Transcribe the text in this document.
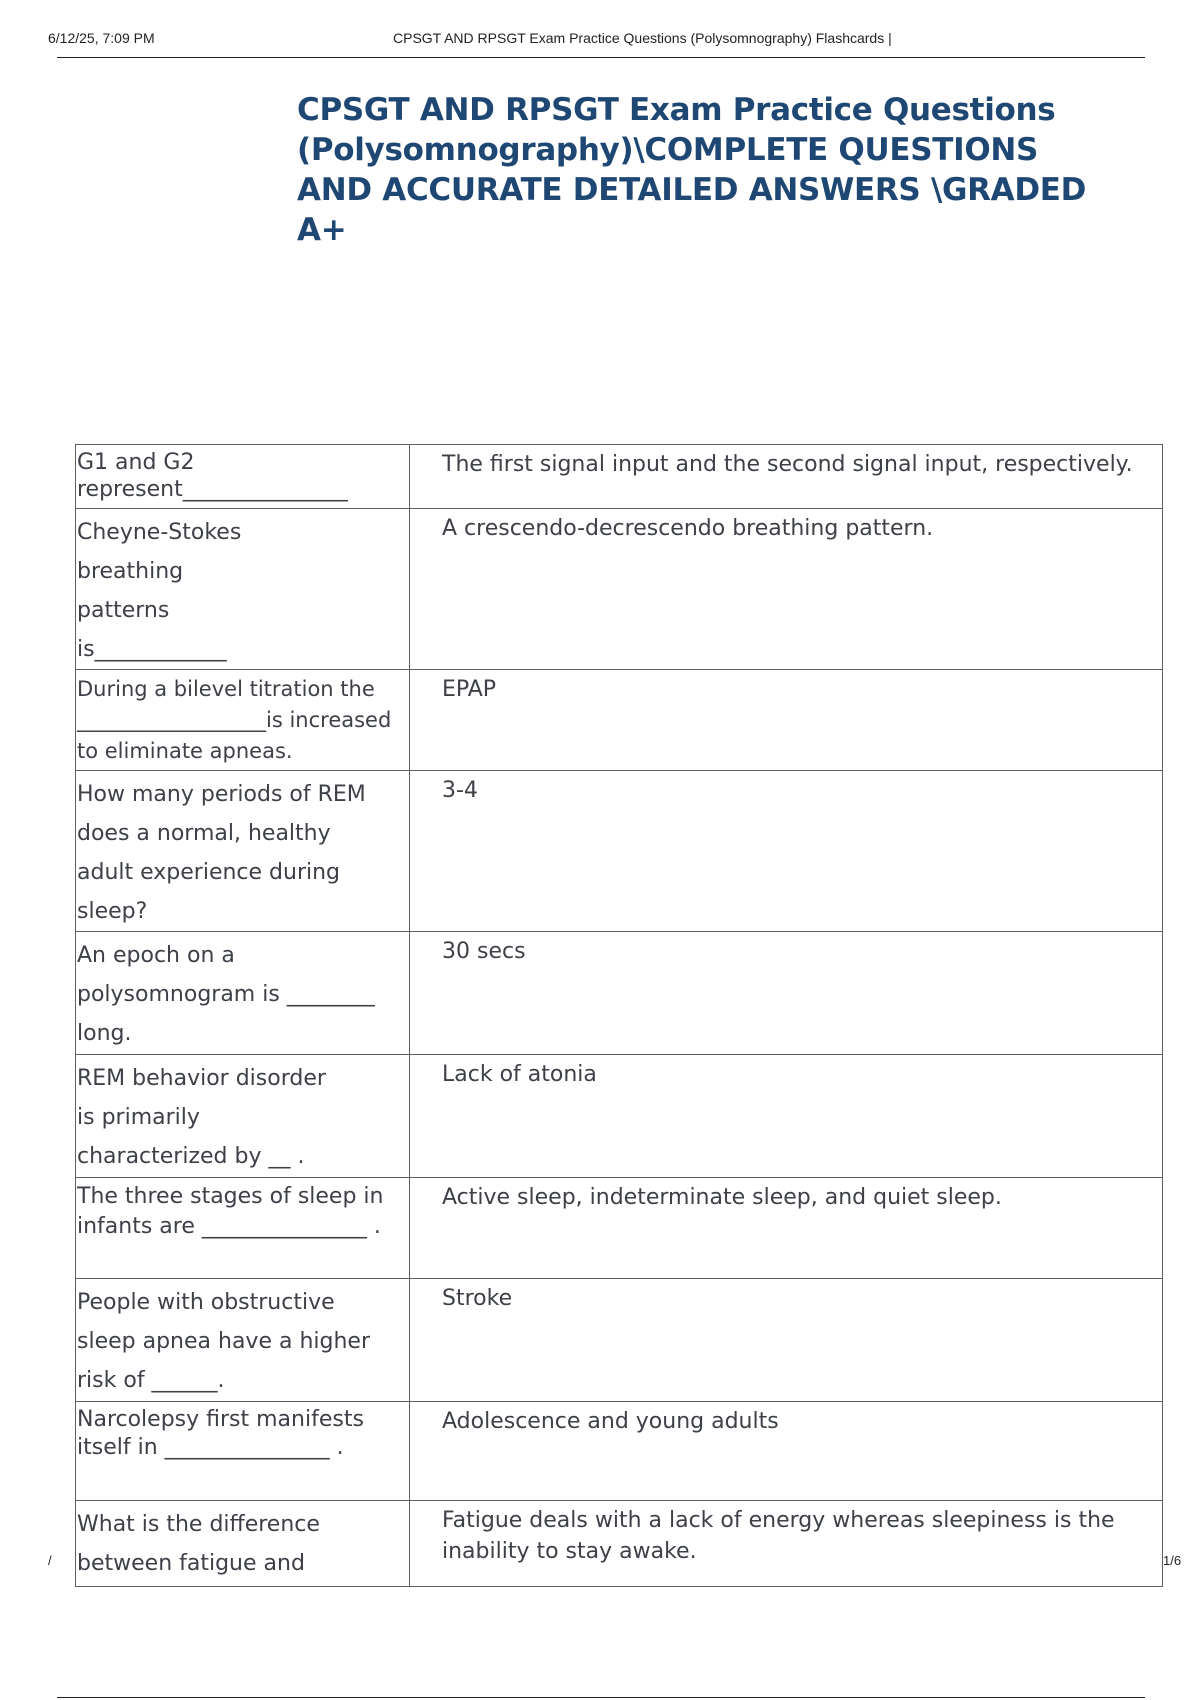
6/12/25, 7:09 PM	CPSGT AND RPSGT Exam Practice Questions (Polysomnography) Flashcards |
CPSGT AND RPSGT Exam Practice Questions (Polysomnography)\COMPLETE QUESTIONS AND ACCURATE DETAILED ANSWERS \GRADED A+
G1 and G2 represent_______________	The first signal input and the second signal input, respectively.

Cheyne-Stokes breathing patterns is____________	A crescendo-decrescendo breathing pattern.

During a bilevel titration the __________________is increased to eliminate apneas.	EPAP

How many periods of REM does a normal, healthy adult experience during sleep?	3-4

An epoch on a polysomnogram is ________ long.	30 secs

REM behavior disorder is primarily characterized by __ .	Lack of atonia

The three stages of sleep in infants are _______________ .	Active sleep, indeterminate sleep, and quiet sleep.

People with obstructive sleep apnea have a higher risk of ______.	Stroke

Narcolepsy first manifests itself in _______________ .	Adolescence and young adults

What is the difference between fatigue and	Fatigue deals with a lack of energy whereas sleepiness is the inability to stay awake.
/	1/6
